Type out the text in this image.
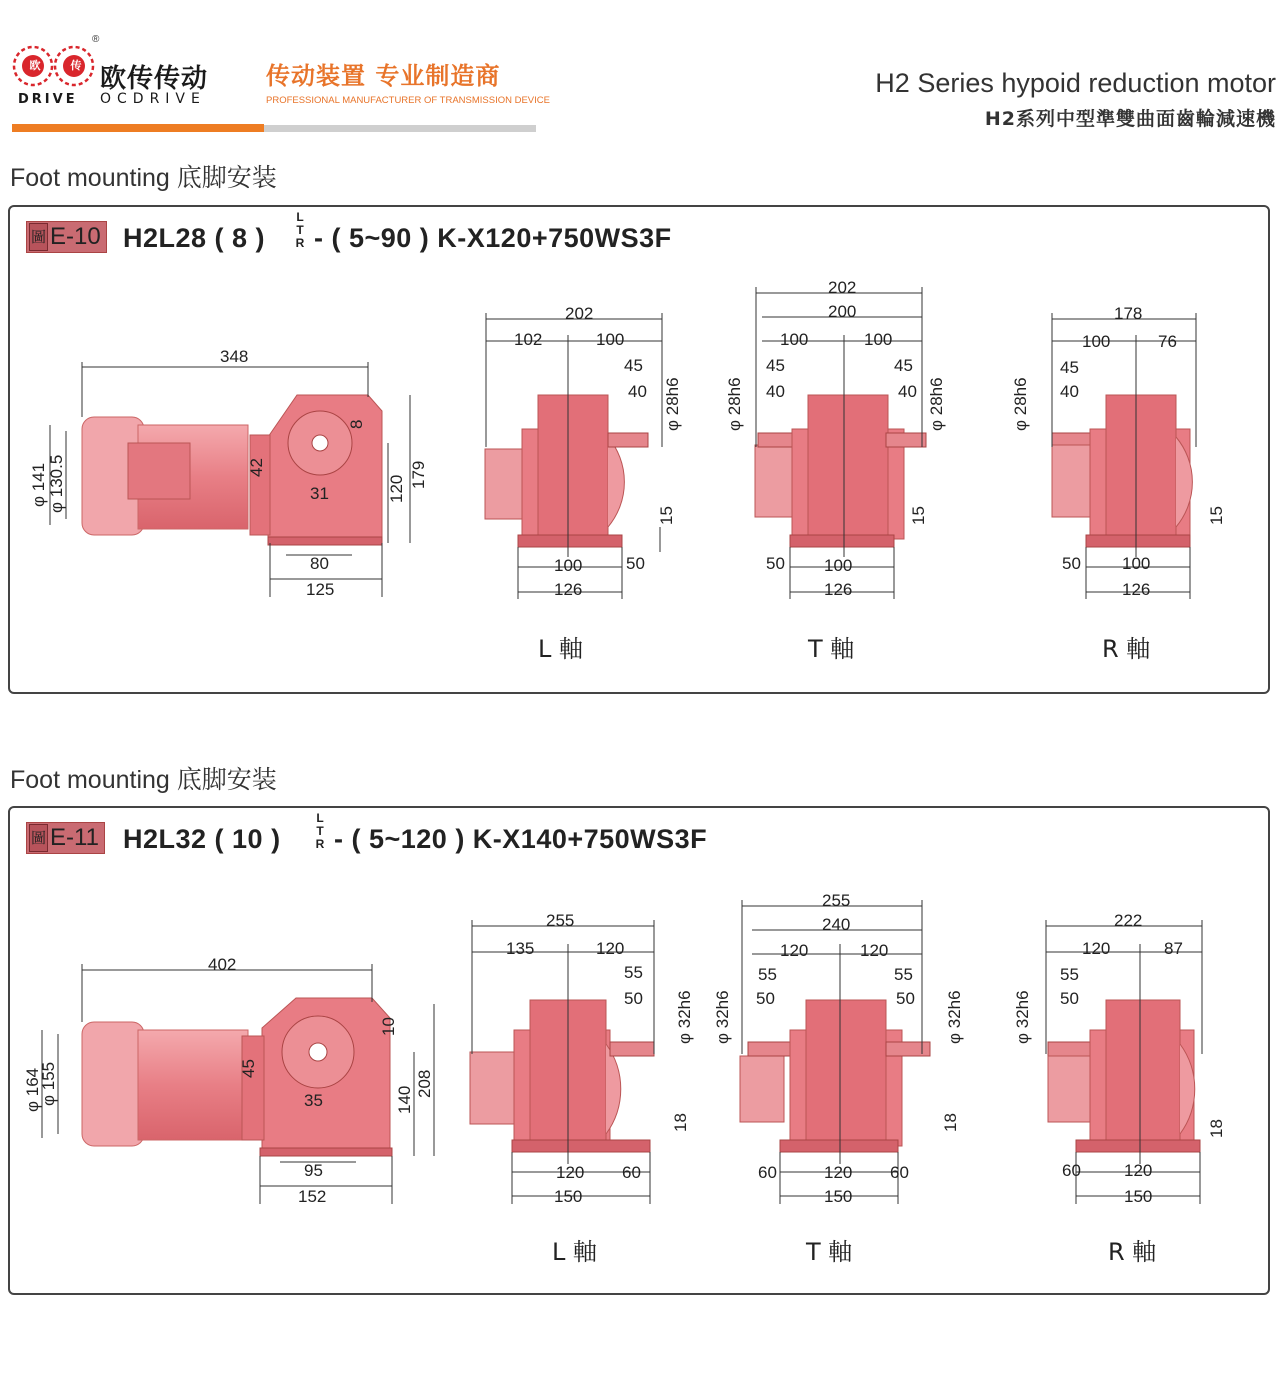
欧	传
®
欧传传动
DRIVE OCDRIVE
传动装置 专业制造商
PROFESSIONAL MANUFACTURER OF TRANSMISSION DEVICE
H2 Series hypoid reduction motor
H2系列中型準雙曲面齒輪減速機
Foot mounting 底脚安装
圖 E-10 H2L28 ( 8 )
L
T
R - ( 5~90 ) K-X120+750WS3F
348
φ 141 φ 130.5
8
42
31	120 179
80
125
202
102	100
45
40 φ 28h6
15
100	50
126
202
200
100	100
45
40
45
40
φ 28h6	φ 28h6
15
50 100
126
178
100	76
45
40
φ 28h6
15
50 100
126
L 軸	T 軸	R 軸
Foot mounting 底脚安装
圖 E-11 H2L32 ( 10 )
L
T
R - ( 5~120 ) K-X140+750WS3F
402
φ 164
φ 155
10
45
35	140
208
95
152
255
135	120
55
50 φ 32h6
18
120 60
150
255
240
120	120
55
50
55
50
φ 32h6	φ 32h6
18
60	120 60
150
222
120	87
55
50
φ 32h6
18
60	120
150
L 軸	T 軸	R 軸
